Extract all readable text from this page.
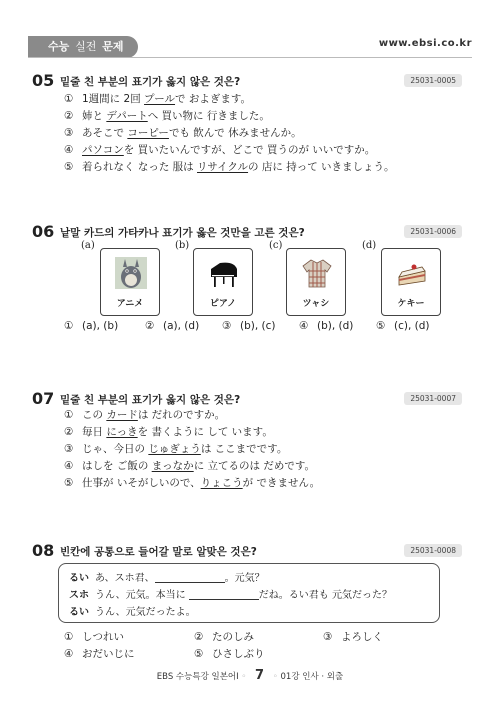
수능 실전 문제	www.ebsi.co.kr
05 밑줄 친 부분의 표기가 옳지 않은 것은?	25031-0005
① 1週間に 2回 プールで およぎます。
② 姉と デパートへ 買い物に 行きました。
③ あそこで コーピーでも 飲んで 休みませんか。
④ パソコンを 買いたいんですが、どこで 買うのが いいですか。
⑤ 着られなく なった 服は リサイクルの 店に 持って いきましょう。
06 낱말 카드의 가타카나 표기가 옳은 것만을 고른 것은?	25031-0006
(a)
アニメ
(b)
ピアノ
(c)
ツャシ
(d)
ケキー
① (a), (b)	② (a), (d) ③ (b), (c) ④ (b), (d) ⑤ (c), (d)
07 밑줄 친 부분의 표기가 옳지 않은 것은?	25031-0007
① この カードは だれのですか。
② 毎日 にっきを 書くように して います。
③ じゃ、今日の じゅぎょうは ここまでです。
④ はしを ご飯の まっなかに 立てるのは だめです。
⑤ 仕事が いそがしいので、りょこうが できません。
08 빈칸에 공통으로 들어갈 말로 알맞은 것은?	25031-0008
るい あ、スホ君、	。元気？
スホ うん、元気。本当に	だね。るい君も 元気だった？
るい うん、元気だったよ。
① しつれい	② たのしみ	③ よろしく
④ おだいじに	⑤ ひさしぶり
EBS 수능특강 일본어Ⅰ ◦ 7 ◦ 01강 인사 · 외출
